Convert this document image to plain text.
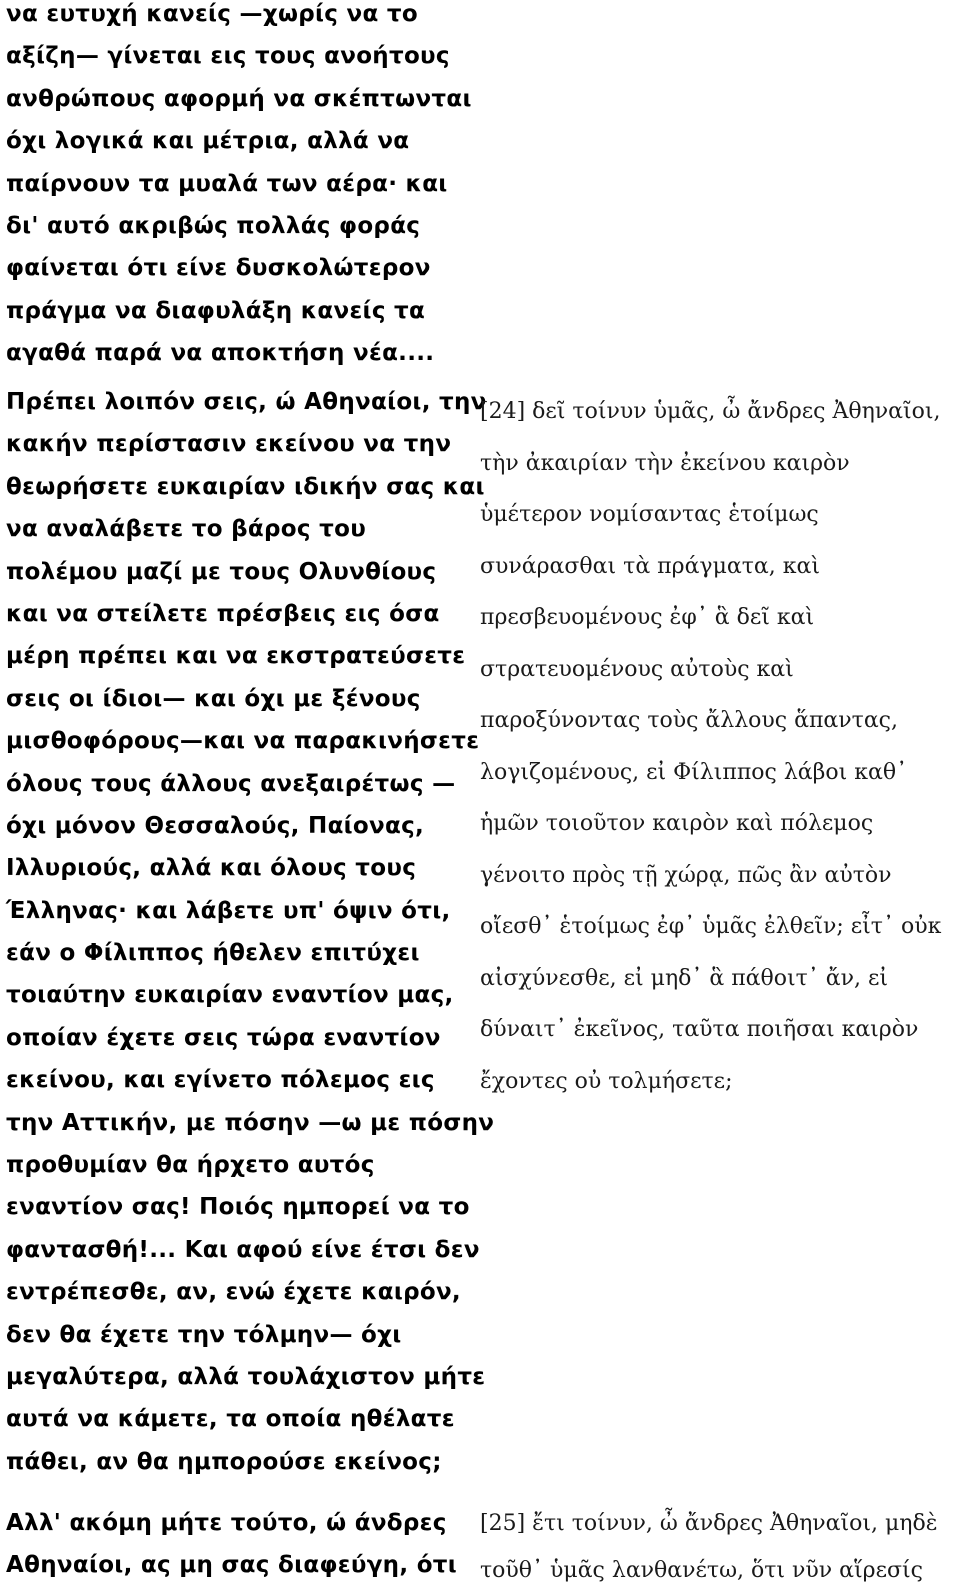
να ευτυχή κανείς —χωρίς να το
αξίζη— γίνεται εις τους ανοήτους
ανθρώπους αφορμή να σκέπτωνται
όχι λογικά και μέτρια, αλλά να
παίρνουν τα μυαλά των αέρα· και
δι' αυτό ακριβώς πολλάς φοράς
φαίνεται ότι είνε δυσκολώτερον
πράγμα να διαφυλάξη κανείς τα
αγαθά παρά να αποκτήση νέα....
Πρέπει λοιπόν σεις, ώ Αθηναίοι, την
κακήν περίστασιν εκείνου να την
θεωρήσετε ευκαιρίαν ιδικήν σας και
να αναλάβετε το βάρος του
πολέμου μαζί με τους Ολυνθίους
και να στείλετε πρέσβεις εις όσα
μέρη πρέπει και να εκστρατεύσετε
σεις οι ίδιοι— και όχι με ξένους
μισθοφόρους—και να παρακινήσετε
όλους τους άλλους ανεξαιρέτως —
όχι μόνον Θεσσαλούς, Παίονας,
Ιλλυριούς, αλλά και όλους τους
Έλληνας· και λάβετε υπ' όψιν ότι,
εάν ο Φίλιππος ήθελεν επιτύχει
τοιαύτην ευκαιρίαν εναντίον μας,
οποίαν έχετε σεις τώρα εναντίον
εκείνου, και εγίνετο πόλεμος εις
την Αττικήν, με πόσην —ω με πόσην
προθυμίαν θα ήρχετο αυτός
εναντίον σας! Ποιός ημπορεί να το
φαντασθή!... Και αφού είνε έτσι δεν
εντρέπεσθε, αν, ενώ έχετε καιρόν,
δεν θα έχετε την τόλμην— όχι
μεγαλύτερα, αλλά τουλάχιστον μήτε
αυτά να κάμετε, τα οποία ηθέλατε
πάθει, αν θα ημπορούσε εκείνος;
Αλλ' ακόμη μήτε τούτο, ώ άνδρες
Αθηναίοι, ας μη σας διαφεύγη, ότι
[24] δεῖ τοίνυν ὑμᾶς, ὦ ἄνδρες Ἀθηναῖοι,
τὴν ἀκαιρίαν τὴν ἐκείνου καιρὸν
ὑμέτερον νομίσαντας ἑτοίμως
συνάρασθαι τὰ πράγματα, καὶ
πρεσβευομένους ἐφ᾽ ἃ δεῖ καὶ
στρατευομένους αὐτοὺς καὶ
παροξύνοντας τοὺς ἄλλους ἅπαντας,
λογιζομένους, εἰ Φίλιππος λάβοι καθ᾽
ἡμῶν τοιοῦτον καιρὸν καὶ πόλεμος
γένοιτο πρὸς τῇ χώρᾳ, πῶς ἂν αὐτὸν
οἴεσθ᾽ ἑτοίμως ἐφ᾽ ὑμᾶς ἐλθεῖν; εἶτ᾽ οὐκ
αἰσχύνεσθε, εἰ μηδ᾽ ἃ πάθοιτ᾽ ἄν, εἰ
δύναιτ᾽ ἐκεῖνος, ταῦτα ποιῆσαι καιρὸν
ἔχοντες οὐ τολμήσετε;
[25] ἔτι τοίνυν, ὦ ἄνδρες Ἀθηναῖοι, μηδὲ
τοῦθ᾽ ὑμᾶς λανθανέτω, ὅτι νῦν αἵρεσίς
